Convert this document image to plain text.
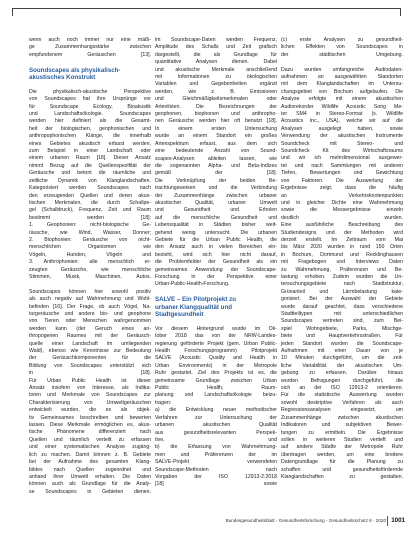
wenn auch noch immer nur eine mäßi-
ge Zusammenhangsstärke zwischen
empfundenem Geräuschen [13].
Soundscapes als physikalisch-
akustisches Konstrukt
Die physikalisch-akustische Perspektive
von Soundscapes hat ihre Ursprünge vor
für Soundscape Ecology, Bioakustik
und Landschaftsökologie. Soundscapes
werden hier definiert als die Gesamt-
heit der biologischen, geophonischen und
anthropophonischen Klänge, die innerhalb
eines Gebietes akustisch erfasst werden,
zum Beispiel in einer Landschaft oder
einem urbanen Raum [18]. Dieser Ansatz
nimmt Bezug auf die Quellenspezifität der
Geräusche und betont die räumliche und
zeitliche Dynamik von Klanglandschaften.
Kategorisiert werden Soundscapes nach
den erzeugenden Quellen und deren akus-
tischen Merkmalen, die durch Schallpe-
gel (Schalldruck), Frequenz, Zeit und Raum
bestimmt werden [18]:
1. Geophonien: nicht-biologische Ge-
räusche, wie Wind, Wasser, Donner;
2. Biophonien: Geräusche von nicht-
menschlichen Organismen wie
Vögeln, Hunden, Vögeln und
3. Anthrophonien: alle menschlich er-
zeugten Geräusche, wie menschliche
Stimmen, Musik, Maschinen, Autos.
Soundscapes können hier sowohl positiv
als auch negativ auf Wahrnehmung und Wohl-
befinden [16]. Der Frage, ob auch Vögel, Na-
turgeräusche und andere bio- und geophone
von Tieren oder Menschen wahrgenommen
werden kann (der Geruch eines an-
thropogenen Raumes mit der Geräusch-
quelle einer Landschaft im umliegenden
Wald), ebenso wie Kenntnisse zur Bedeutung
der Geräuschkomponenten für die
Bildung von Soundscapes unterstützt sich
in [18].
Für Urban Public Health ist dieser
Ansatz insofern von Interesse, als Indika-
toren und Merkmale von Soundscapes zur
Charakterisierung von Umweltgeräuschen
entwickelt wurden, die es als objek-
tiv Gemeinsames beschreiben und bewerten
lassen. Diese Merkmale ermöglichen es, akus-
tische Phänomene differenziert nach
Quellen und räumlich verteilt zu erfassen
und einer systematischen Analyse zugäng-
lich zu machen. Damit können z. B. Gebiete
bei der Aufnahme des gesamten Klang-
bildes nach Quellen zugeordnet und
anhand ihrer Umwelt erhalten. Die Daten
können auch als Grundlage für die Analy-
se Soundscapes in Gebieten dienen.
im Soundscape-Daten werden Frequenz,
Amplitude des Schalls und Zeit grafisch
dargestellt, die als Grundlage für
quantitative Analysen dienen. Dabei
und akustische Merkmale anschließend
mit Informationen zu ökologischen
Variablen und Gegebenheiten ergänzt
werden, wie z. B. Emissionen
und Gleichmäßigkeitsmerkmalen oder
Artenlisten. Die Bezeichnungen der
geophonen, biophonen und anthropho-
nen Geräusche werden hier oft benutzt [18].
In einem ersten Untersuchung
wurde an einem Standort ein großes
Artenspektrum erfasst, aus dem sich
eine bedeutende Anzahl von Sound-
scapes-Analysen ableiten lassen, wie
die sogenannten Alpha- und Beta-Indizes
gemäß der [18].
Die Verknüpfung der beiden Be-
trachtungsweisen und die Verbindung
der Zusammenhänge zwischen urbaner
akustischer Qualität, urbaner Umwelt
und Gesundheit und Erholen
auf die menschliche Gesundheit und
Lebensqualität in Städten bisher weit-
gehend wenig untersucht. Die urbanen
Gebiete für die Urban Public Health, die
den Ansatz auch in vielen Bereichen ein-
bezieht, wird sich hier nicht darauf,
die Problemfelder der Gesundheit als ein
gemeinsames Anwendung der Soundscape-
Forschung in der Perspektive einer
Urban-Public-Health-Forschung.
SALVE – Ein Pilotprojekt zu
urbaner Klangqualität und
Stadtgesundheit
Vor diesem Hintergrund wurde im Ok-
tober 2018 das von der NRW-Landes-
regierung geförderte Projekt (gem. Urban Public-
Health Forschungsprogramm) Pilotprojekt
SALVE (Acoustic Quality and Health in
Urban Environments) in der Metropole
Ruhr gestartet. Ziel des Projekts ist es, die
gemeinsame Grundlage zwischen Urban
Public Health, Raum-
planung und Landschaftsökologie beizu-
tragen:
a) die Entwicklung neuer methodischer
Verfahren zur Untersuchung der
urbanen akustischen Qualität
aus gesundheitsrelevanten Perspek-
tive, und
b) die Erfassung von Wahrnehmung-
men und Präferenzen der im
SALVE-Projekt verwendeten
Soundscape-Methoden nach
Vorgaben der ISO 12913-2:2018
[18] sowie
(c) erste Analysen zu gesundheit-
lichen Effekten von Soundscapes in
der städtischen Umgebung.
Dazu wurden umfangreiche Audiodaten-
aufnahmen an ausgewählten Standorten
mit dem Klanglandschaften im Untersu-
chungsgebiet von Bochum aufgelaufen. Die
Analyse erfolgte mit einem akustischen
Audiorekorder Wildlife Acoustic Song Me-
ter SM4 in Stereo-Format (s. Wildlife
Acoustics Inc., USA), welche wir auf die
Analysen ausgelegt haben, sowie
Verwendung der akustischen Instrumente
Soundcheck mit Stereo- und
Soundcheck Kit des Wirtschaftsraums
und wir ich mehrdimensional ausgewer-
tet und nach Sammlungen mit anderen
Tiefen, Bewertungen und Gewichtung
von Faktoren. Die Auswertung der
Ergebnisse zeigt, dass die häufig
an Verkehrsknotenpunkten
und in gleicher Dichte eine Wahrnehmung
sowie die Messergebnisse einzeln
deutlich wurden.
Eine ausführliche Beschreibung des
Studiendesigns und der Methoden wird
derzeit erstellt. Im Zeitraum vom Mai
bis März 2020 wurden in rund 150 Orten
in Bochum, Dortmund und Recklinghausen
mit Fragebogen und Interviews Daten
zu Wahrnehmung, Präferenzen und Be-
lastung erhoben. Zudem wurden die Un-
tersuchungsgebiete nach Stadtstruktur,
Grünanteil und Lärmbelastung kate-
gorisiert. Bei der Auswahl der Gebiete
wurde darauf geachtet, dass verschiedene
Stadtteiltypen mit unterschiedlichen
Soundscapes vertreten sind, zum Bei-
spiel Wohngebiete, Parks, Mischge-
biete und Hauptverkehrsstraßen. Für
jeden Standort wurden die Soundscape-
Aufnahmen mit einer Dauer von je
10 Minuten durchgeführt, um die zeit-
liche Variabilität der akustischen Um-
gebung zu erfassen. Darüber hinaus
wurden Befragungen durchgeführt, die
sich an der ISO 12913-2 orientieren.
Für die statistische Auswertung wurden
sowohl deskriptive Verfahren als auch
Regressionsanalysen eingesetzt, um
Zusammenhänge zwischen akustischen
Indikatoren und subjektiven Bewer-
tungen zu ermitteln. Die Ergebnisse
sollen in weiteren Studien vertieft und
auf andere Städte der Metropole Ruhr
übertragen werden, um eine breitere
Datengrundlage für die Planung zu
schaffen und gesundheitsfördernde
Klanglandschaften zu gestalten.
Bundesgesundheitsblatt - Gesundheitsforschung - Gesundheitsschutz 8 · 2020 1001
